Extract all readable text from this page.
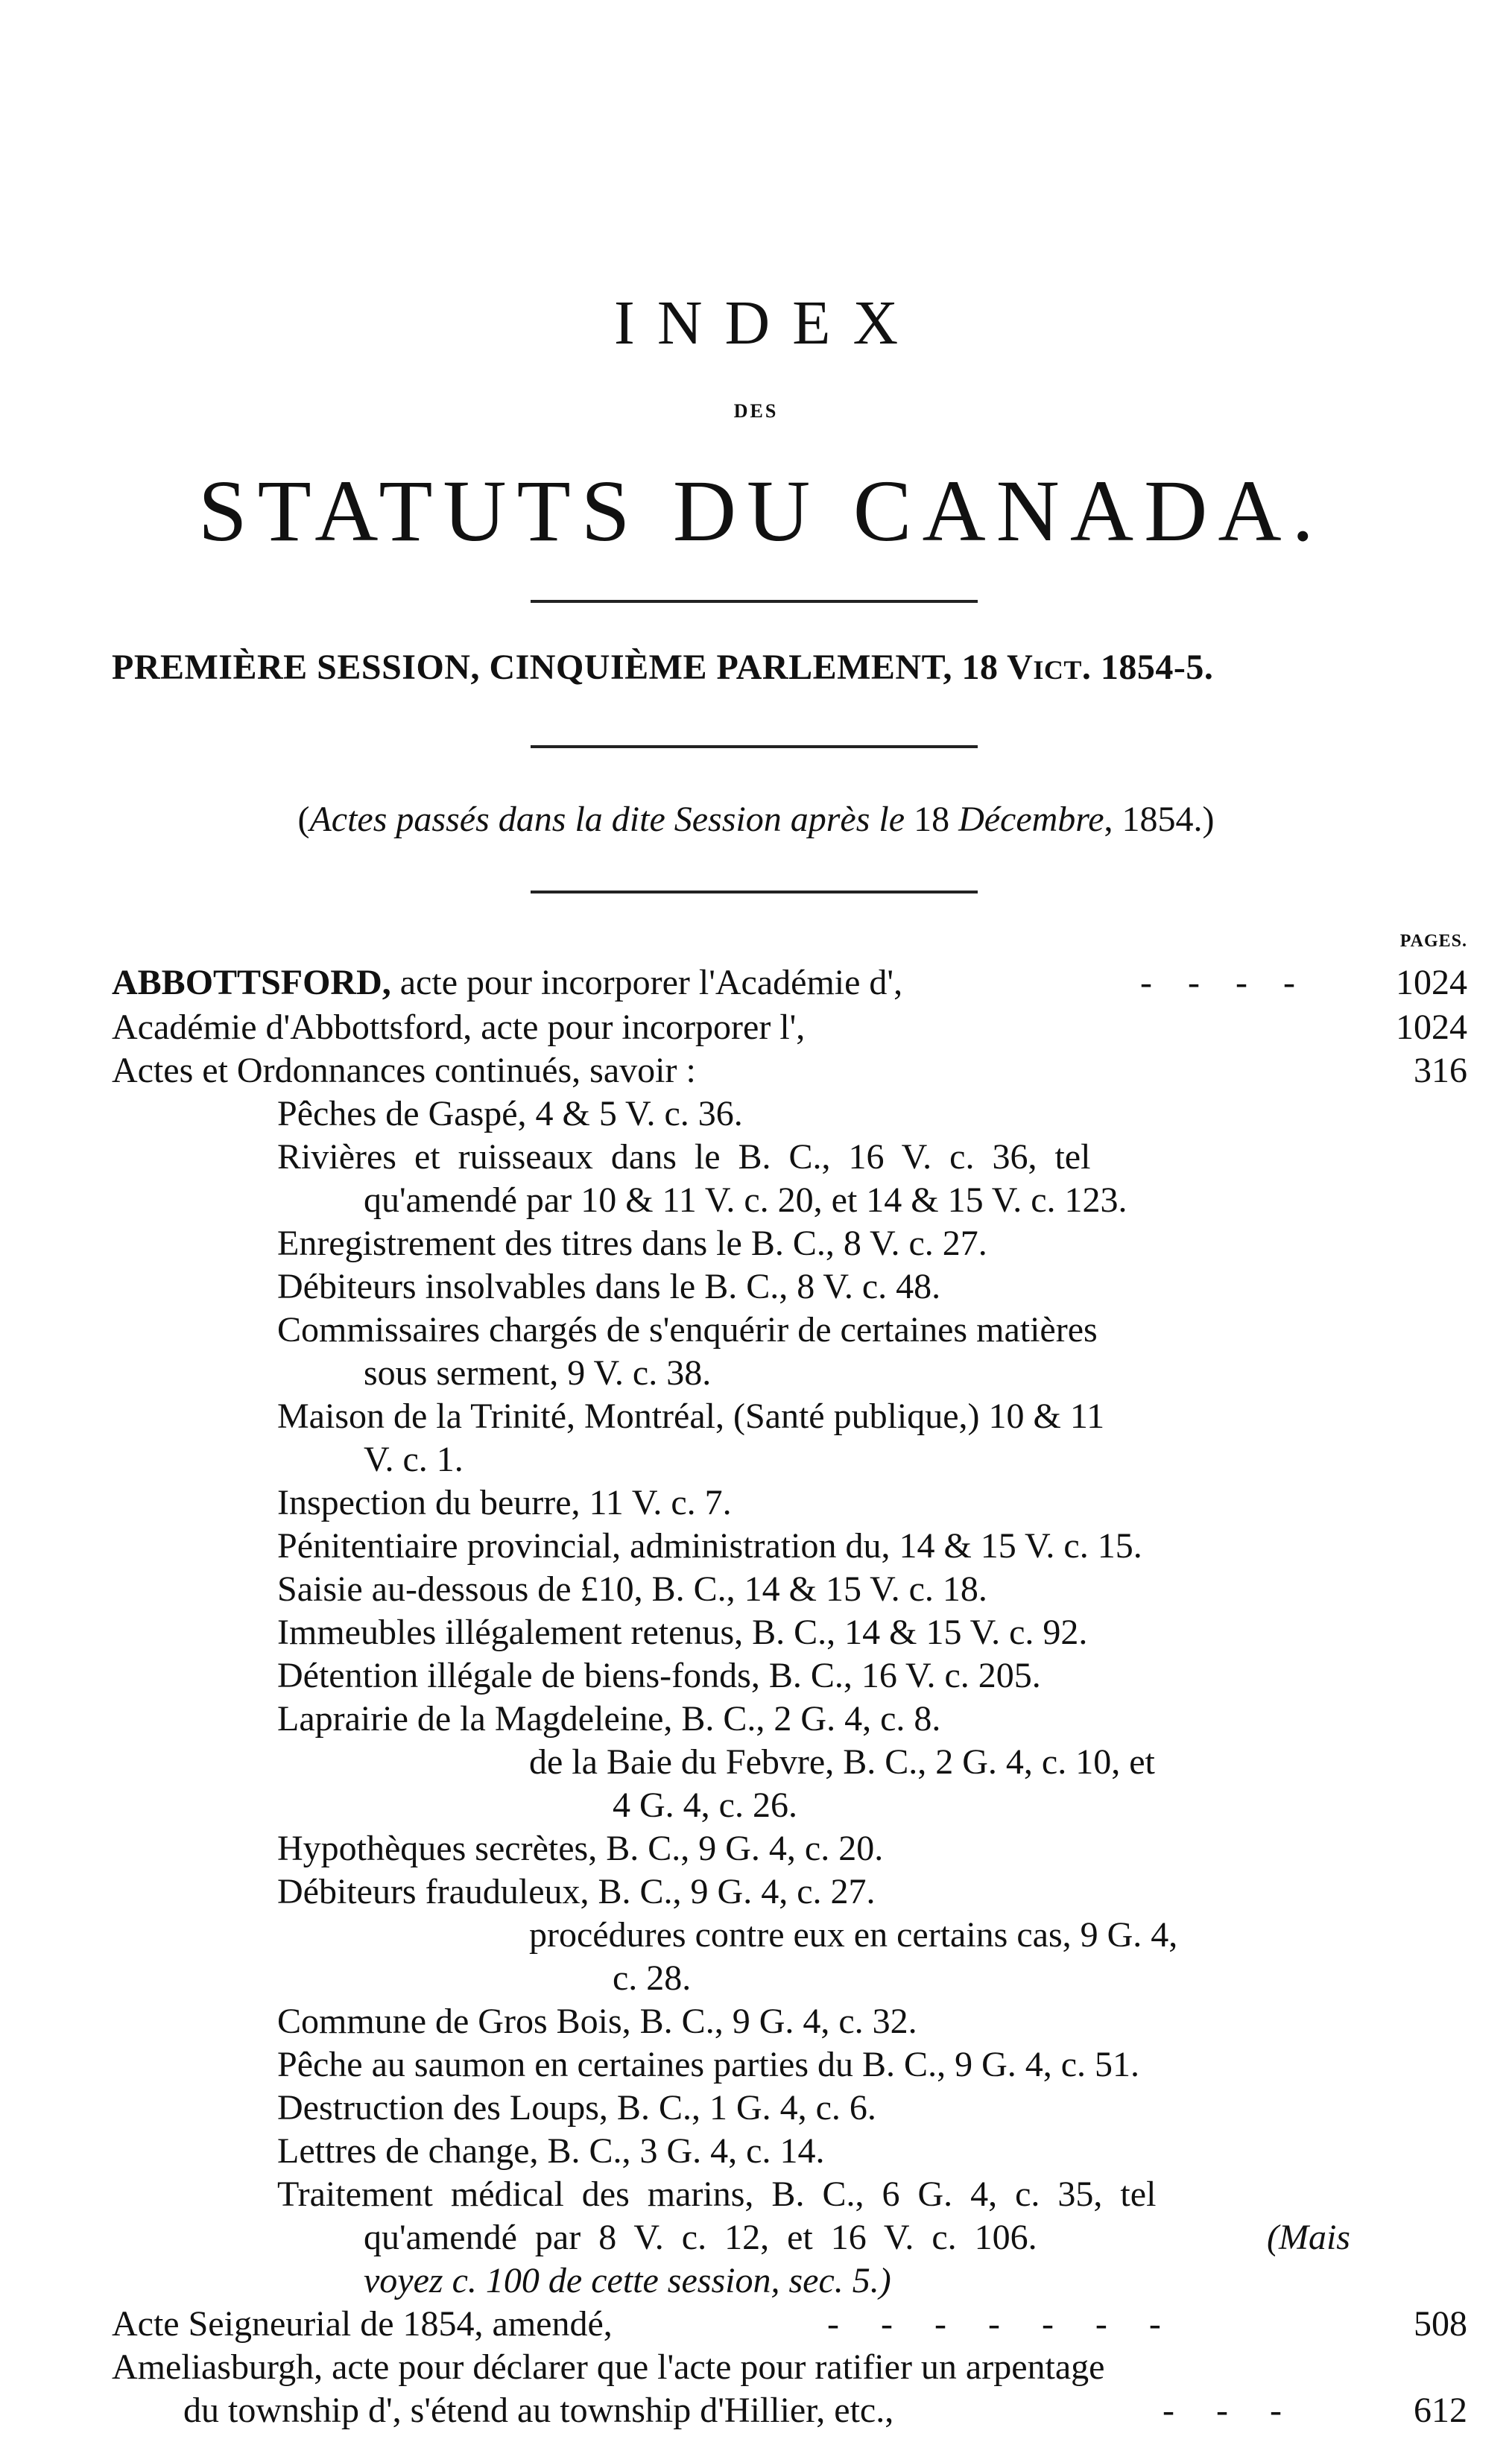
INDEX
DES
STATUTS DU CANADA.
PREMIÈRE SESSION, CINQUIÈME PARLEMENT, 18 VICT. 1854-5.
(Actes passés dans la dite Session après le 18 Décembre, 1854.)
PAGES.
ABBOTTSFORD, acte pour incorporer l'Académie d',	- - - -	1024
Académie d'Abbottsford, acte pour incorporer l',	1024
Actes et Ordonnances continués, savoir :	316
Pêches de Gaspé, 4 & 5 V. c. 36.
Rivières  et  ruisseaux  dans  le  B.  C.,  16  V.  c.  36,  tel
qu'amendé par 10 & 11 V. c. 20, et 14 & 15 V. c. 123.
Enregistrement des titres dans le B. C., 8 V. c. 27.
Débiteurs insolvables dans le B. C., 8 V. c. 48.
Commissaires chargés de s'enquérir de certaines matières
sous serment, 9 V. c. 38.
Maison de la Trinité, Montréal, (Santé publique,) 10 & 11
V. c. 1.
Inspection du beurre, 11 V. c. 7.
Pénitentiaire provincial, administration du, 14 & 15 V. c. 15.
Saisie au-dessous de £10, B. C., 14 & 15 V. c. 18.
Immeubles illégalement retenus, B. C., 14 & 15 V. c. 92.
Détention illégale de biens-fonds, B. C., 16 V. c. 205.
Laprairie de la Magdeleine, B. C., 2 G. 4, c. 8.
de la Baie du Febvre, B. C., 2 G. 4, c. 10, et
4 G. 4, c. 26.
Hypothèques secrètes, B. C., 9 G. 4, c. 20.
Débiteurs frauduleux, B. C., 9 G. 4, c. 27.
procédures contre eux en certains cas, 9 G. 4,
c. 28.
Commune de Gros Bois, B. C., 9 G. 4, c. 32.
Pêche au saumon en certaines parties du B. C., 9 G. 4, c. 51.
Destruction des Loups, B. C., 1 G. 4, c. 6.
Lettres de change, B. C., 3 G. 4, c. 14.
Traitement  médical  des  marins,  B.  C.,  6  G.  4,  c.  35,  tel
qu'amendé  par  8  V.  c.  12,  et  16  V.  c.  106.	(Mais
voyez c. 100 de cette session, sec. 5.)
Acte Seigneurial de 1854, amendé,	- - - - - - -	508
Ameliasburgh, acte pour déclarer que l'acte pour ratifier un arpentage
du township d', s'étend au township d'Hillier, etc.,	- - -	612
